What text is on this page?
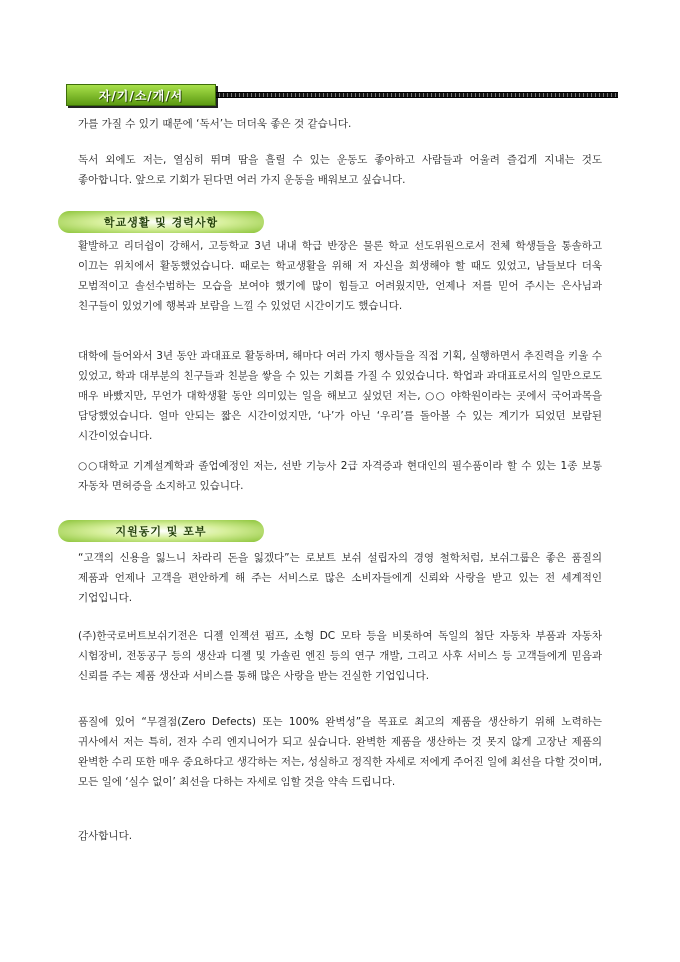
자/기/소/개/서

가를 가질 수 있기 때문에 ‘독서’는 더더욱 좋은 것 같습니다.

독서 외에도 저는, 열심히 뛰며 땀을 흘릴 수 있는 운동도 좋아하고 사람들과 어울려 즐겁게 지내는 것도 좋아합니다. 앞으로 기회가 된다면 여러 가지 운동을 배워보고 싶습니다.

학교생활 및 경력사항

활발하고 리더쉽이 강해서, 고등학교 3년 내내 학급 반장은 물론 학교 선도위원으로서 전체 학생들을 통솔하고 이끄는 위치에서 활동했었습니다. 때로는 학교생활을 위해 저 자신을 희생해야 할 때도 있었고, 남들보다 더욱 모범적이고 솔선수범하는 모습을 보여야 했기에 많이 힘들고 어려웠지만, 언제나 저를 믿어 주시는 은사님과 친구들이 있었기에 행복과 보람을 느낄 수 있었던 시간이기도 했습니다.

대학에 들어와서 3년 동안 과대표로 활동하며, 해마다 여러 가지 행사들을 직접 기획, 실행하면서 추진력을 키울 수 있었고, 학과 대부분의 친구들과 친분을 쌓을 수 있는 기회를 가질 수 있었습니다. 학업과 과대표로서의 일만으로도 매우 바빴지만, 무언가 대학생활 동안 의미있는 일을 해보고 싶었던 저는, ○○ 야학원이라는 곳에서 국어과목을 담당했었습니다. 얼마 안되는 짧은 시간이었지만, ‘나’가 아닌 ‘우리’를 돌아볼 수 있는 계기가 되었던 보람된 시간이었습니다.

○○대학교 기계설계학과 졸업예정인 저는, 선반 기능사 2급 자격증과 현대인의 필수품이라 할 수 있는 1종 보통 자동차 면허증을 소지하고 있습니다.

지원동기 및 포부

“고객의 신용을 잃느니 차라리 돈을 잃겠다”는 로보트 보쉬 설립자의 경영 철학처럼, 보쉬그룹은 좋은 품질의 제품과 언제나 고객을 편안하게 해 주는 서비스로 많은 소비자들에게 신뢰와 사랑을 받고 있는 전 세계적인 기업입니다.

(주)한국로버트보쉬기전은 디젤 인젝션 펌프, 소형 DC 모타 등을 비롯하여 독일의 첨단 자동차 부품과 자동차 시험장비, 전동공구 등의 생산과 디젤 및 가솔린 엔진 등의 연구 개발, 그리고 사후 서비스 등 고객들에게 믿음과 신뢰를 주는 제품 생산과 서비스를 통해 많은 사랑을 받는 건실한 기업입니다.

품질에 있어 “무결점(Zero Defects) 또는 100% 완벽성”을 목표로 최고의 제품을 생산하기 위해 노력하는 귀사에서 저는 특히, 전자 수리 엔지니어가 되고 싶습니다. 완벽한 제품을 생산하는 것 못지 않게 고장난 제품의 완벽한 수리 또한 매우 중요하다고 생각하는 저는, 성실하고 정직한 자세로 저에게 주어진 일에 최선을 다할 것이며, 모든 일에 ‘실수 없이’ 최선을 다하는 자세로 임할 것을 약속 드립니다.

감사합니다.
